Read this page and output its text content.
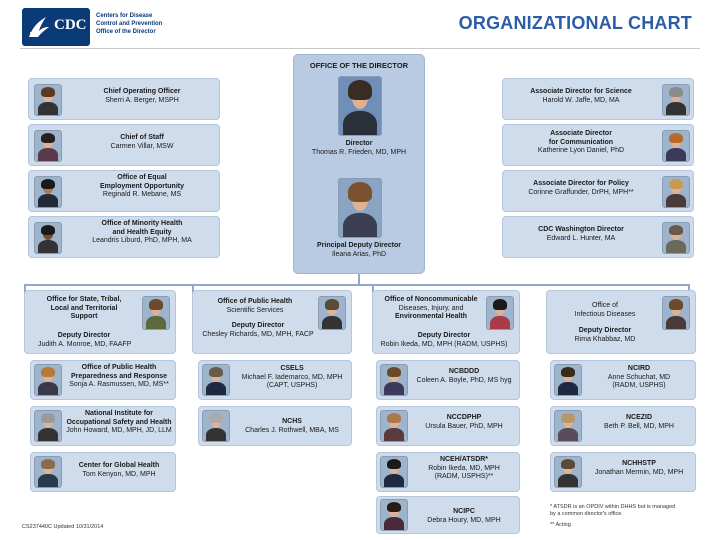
CDC
Centers for Disease
Control and Prevention
Office of the Director	ORGANIZATIONAL CHART
OFFICE OF THE DIRECTOR
Director
Thomas R. Frieden, MD, MPH
Principal Deputy Director
Ileana Arias, PhD
Chief Operating Officer
Sherri A. Berger, MSPH
Chief of Staff
Carmen Villar, MSW
Office of Equal
Employment Opportunity
Reginald R. Mebane, MS
Office of Minority Health
and Health Equity
Leandris Liburd, PhD, MPH, MA
Associate Director for Science
Harold W. Jaffe, MD, MA
Associate Director
for Communication
Katherine Lyon Daniel, PhD
Associate Director for Policy
Corinne Graffunder, DrPH, MPH**
CDC Washington Director
Edward L. Hunter, MA
Office for State, Tribal,
Local and Territorial
Support
Deputy Director
Judith A. Monroe, MD, FAAFP
Office of Public Health
Preparedness and Response
Sonja A. Rasmussen, MD, MS**
National Institute for
Occupational Safety and Health
John Howard, MD, MPH, JD, LLM
Center for Global Health
Tom Kenyon, MD, MPH
Office of Public Health
Scientific Services
Deputy Director
Chesley Richards, MD, MPH, FACP
CSELS
Michael F. Iademarco, MD, MPH
(CAPT, USPHS)
NCHS
Charles J. Rothwell, MBA, MS
Office of Noncommunicable
Diseases, Injury, and
Environmental Health
Deputy Director
Robin Ikeda, MD, MPH (RADM, USPHS)
NCBDDD
Coleen A. Boyle, PhD, MS hyg
NCCDPHP
Ursula Bauer, PhD, MPH
NCEH/ATSDR*
Robin Ikeda, MD, MPH
(RADM, USPHS)**
NCIPC
Debra Houry, MD, MPH
Office of
Infectious Diseases
Deputy Director
Rima Khabbaz, MD
NCIRD
Anne Schuchat, MD
(RADM, USPHS)
NCEZID
Beth P. Bell, MD, MPH
NCHHSTP
Jonathan Mermin, MD, MPH
* ATSDR is an OPDIV within DHHS but is managed
by a common director's office.
** Acting
CS237440C Updated 10/31/2014
